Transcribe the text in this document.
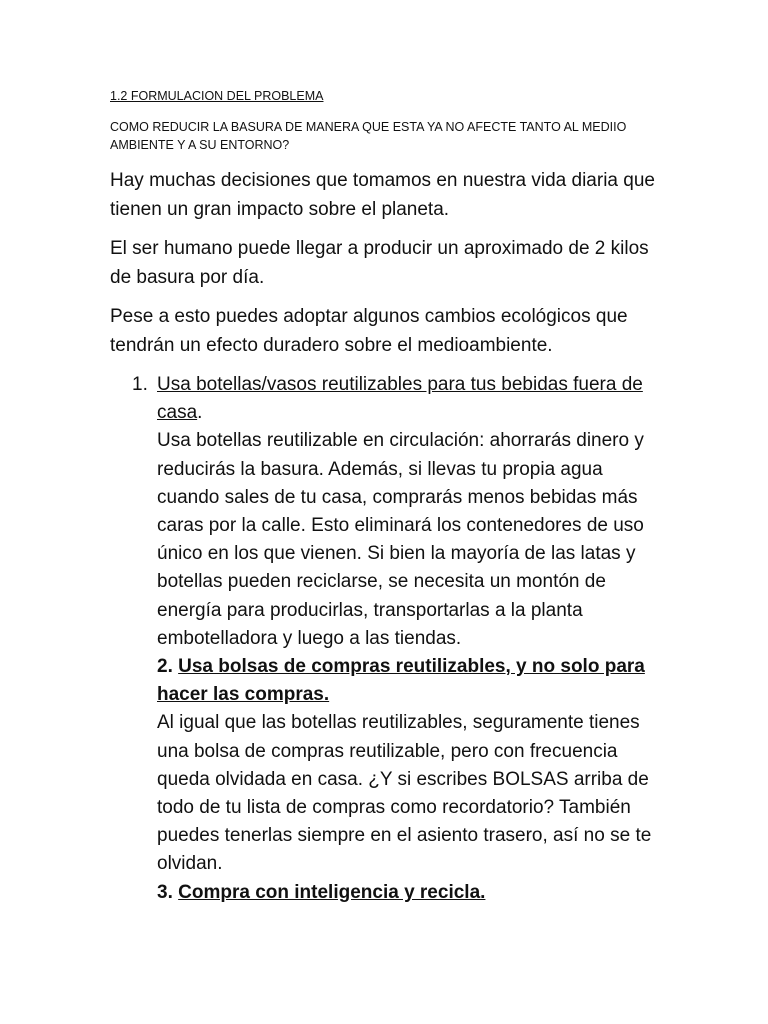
1.2 FORMULACION DEL PROBLEMA

COMO REDUCIR LA BASURA DE MANERA QUE ESTA YA NO AFECTE TANTO AL MEDIIO AMBIENTE Y A SU ENTORNO?

Hay muchas decisiones que tomamos en nuestra vida diaria que tienen un gran impacto sobre el planeta.

El ser humano puede llegar a producir un aproximado de 2 kilos de basura por día.

Pese a esto puedes adoptar algunos cambios ecológicos que tendrán un efecto duradero sobre el medioambiente.

1. Usa botellas/vasos reutilizables para tus bebidas fuera de casa.
Usa botellas reutilizable en circulación: ahorrarás dinero y reducirás la basura. Además, si llevas tu propia agua cuando sales de tu casa, comprarás menos bebidas más caras por la calle. Esto eliminará los contenedores de uso único en los que vienen. Si bien la mayoría de las latas y botellas pueden reciclarse, se necesita un montón de energía para producirlas, transportarlas a la planta embotelladora y luego a las tiendas.
2. Usa bolsas de compras reutilizables, y no solo para hacer las compras.
Al igual que las botellas reutilizables, seguramente tienes una bolsa de compras reutilizable, pero con frecuencia queda olvidada en casa. ¿Y si escribes BOLSAS arriba de todo de tu lista de compras como recordatorio? También puedes tenerlas siempre en el asiento trasero, así no se te olvidan.
3. Compra con inteligencia y recicla.
